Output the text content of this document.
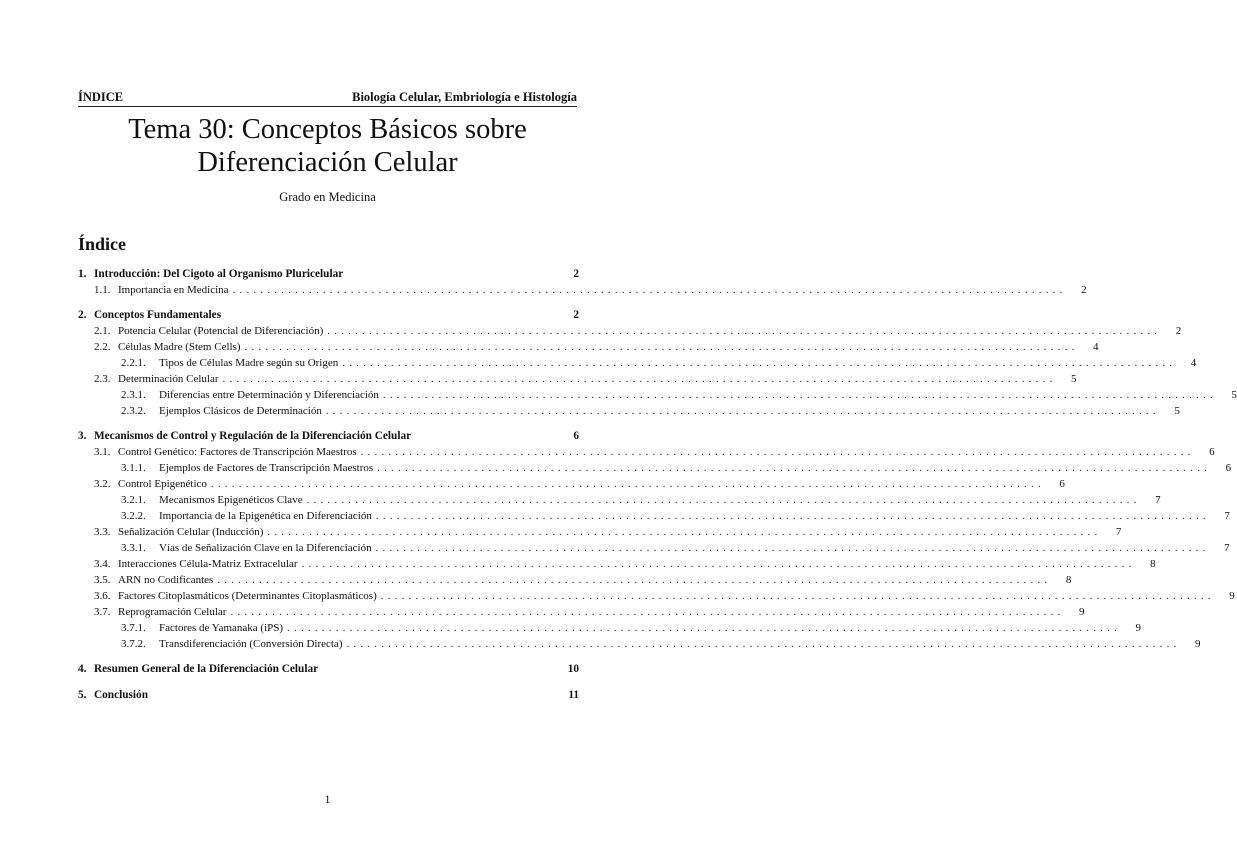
ÍNDICE	Biología Celular, Embriología e Histología
Tema 30: Conceptos Básicos sobre
Diferenciación Celular
Grado en Medicina
Índice
1. Introducción: Del Cigoto al Organismo Pluricelular	2
1.1. Importancia en Medicina ........................................................................................................................	2
2. Conceptos Fundamentales	2
2.1. Potencia Celular (Potencial de Diferenciación) ........................................................................................................................	2
2.2. Células Madre (Stem Cells) ........................................................................................................................	4
2.2.1.	Tipos de Células Madre según su Origen ........................................................................................................................	4
2.3. Determinación Celular ........................................................................................................................	5
2.3.1.	Diferencias entre Determinación y Diferenciación ........................................................................................................................	5
2.3.2.	Ejemplos Clásicos de Determinación ........................................................................................................................	5
3. Mecanismos de Control y Regulación de la Diferenciación Celular	6
3.1. Control Genético: Factores de Transcripción Maestros ........................................................................................................................	6
3.1.1.	Ejemplos de Factores de Transcripción Maestros ........................................................................................................................	6
3.2. Control Epigenético ........................................................................................................................	6
3.2.1.	Mecanismos Epigenéticos Clave ........................................................................................................................	7
3.2.2.	Importancia de la Epigenética en Diferenciación ........................................................................................................................	7
3.3. Señalización Celular (Inducción) ........................................................................................................................	7
3.3.1.	Vías de Señalización Clave en la Diferenciación ........................................................................................................................	7
3.4. Interacciones Célula-Matriz Extracelular ........................................................................................................................	8
3.5. ARN no Codificantes ........................................................................................................................	8
3.6. Factores Citoplasmáticos (Determinantes Citoplasmáticos) ........................................................................................................................	9
3.7. Reprogramación Celular ........................................................................................................................	9
3.7.1.	Factores de Yamanaka (iPS) ........................................................................................................................	9
3.7.2.	Transdiferenciación (Conversión Directa) ........................................................................................................................	9
4. Resumen General de la Diferenciación Celular	10
5. Conclusión	11
1
